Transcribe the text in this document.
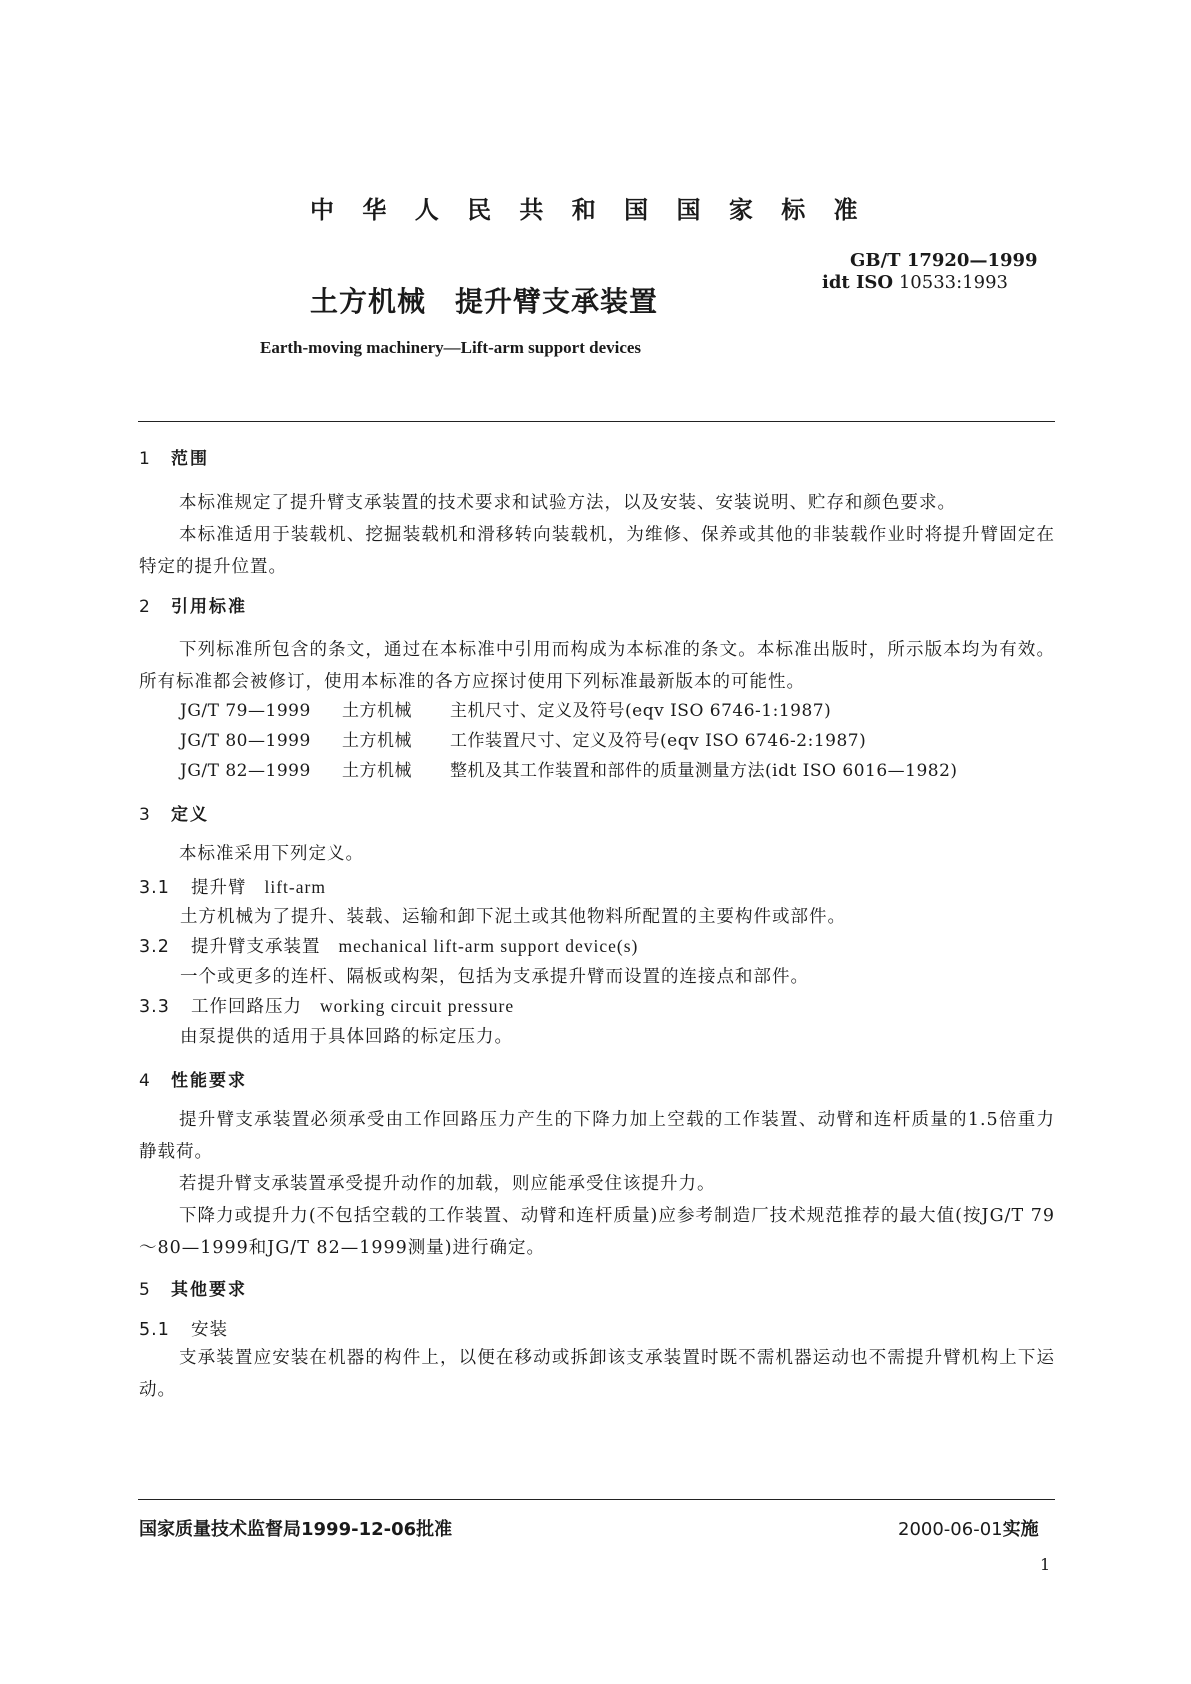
中 华 人 民 共 和 国 国 家 标 准
GB/T 17920—1999
idt ISO 10533:1993
土方机械　提升臂支承装置
Earth-moving machinery—Lift-arm support devices
1 范围

本标准规定了提升臂支承装置的技术要求和试验方法，以及安装、安装说明、贮存和颜色要求。

本标准适用于装载机、挖掘装载机和滑移转向装载机，为维修、保养或其他的非装载作业时将提升臂固定在特定的提升位置。

2 引用标准

下列标准所包含的条文，通过在本标准中引用而构成为本标准的条文。本标准出版时，所示版本均为有效。所有标准都会被修订，使用本标准的各方应探讨使用下列标准最新版本的可能性。

JG/T 79—1999 土方机械 主机尺寸、定义及符号(eqv ISO 6746-1:1987)
JG/T 80—1999 土方机械 工作装置尺寸、定义及符号(eqv ISO 6746-2:1987)
JG/T 82—1999 土方机械 整机及其工作装置和部件的质量测量方法(idt ISO 6016—1982)
3 定义

本标准采用下列定义。

3.1 提升臂 lift-arm
土方机械为了提升、装载、运输和卸下泥土或其他物料所配置的主要构件或部件。
3.2 提升臂支承装置 mechanical lift-arm support device(s)
一个或更多的连杆、隔板或构架，包括为支承提升臂而设置的连接点和部件。
3.3 工作回路压力 working circuit pressure
由泵提供的适用于具体回路的标定压力。
4 性能要求

提升臂支承装置必须承受由工作回路压力产生的下降力加上空载的工作装置、动臂和连杆质量的1.5倍重力静载荷。

若提升臂支承装置承受提升动作的加载，则应能承受住该提升力。

下降力或提升力(不包括空载的工作装置、动臂和连杆质量)应参考制造厂技术规范推荐的最大值(按JG/T 79～80—1999和JG/T 82—1999测量)进行确定。

5 其他要求
5.1 安装

支承装置应安装在机器的构件上，以便在移动或拆卸该支承装置时既不需机器运动也不需提升臂机构上下运动。

国家质量技术监督局1999-12-06批准	2000-06-01实施
1
